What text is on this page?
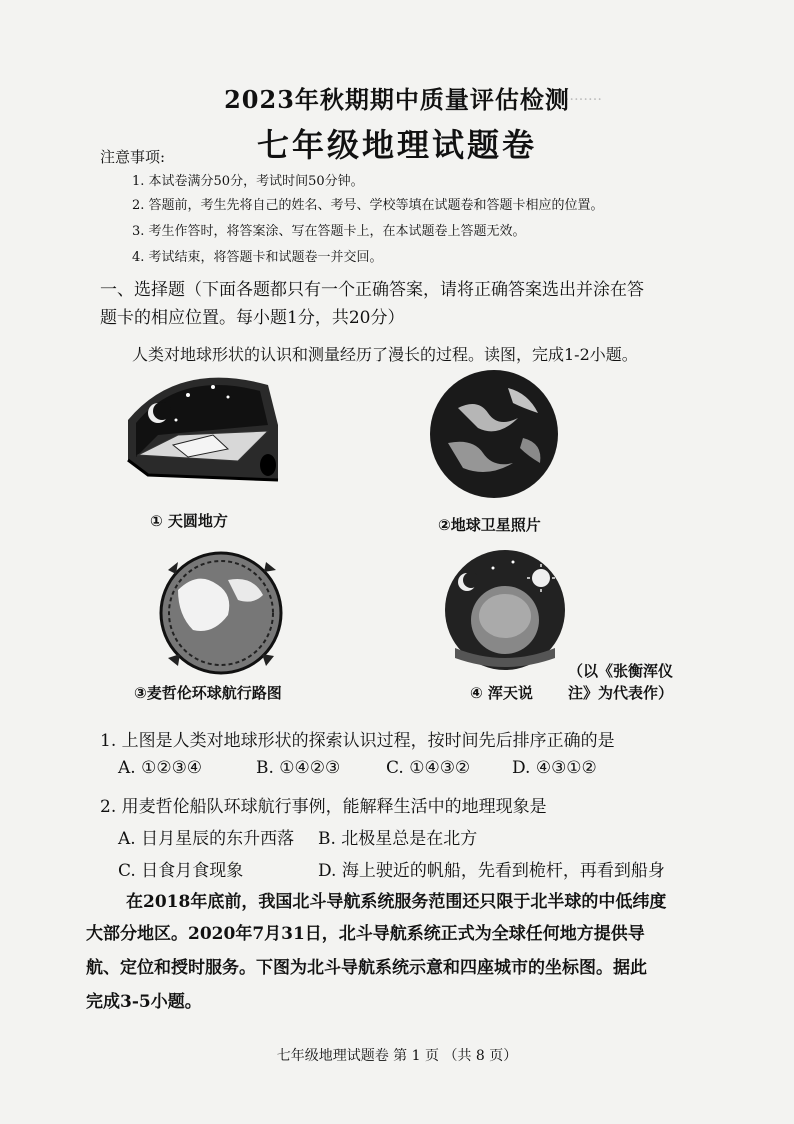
………
2023年秋期期中质量评估检测
七年级地理试题卷
注意事项:
1. 本试卷满分50分，考试时间50分钟。
2. 答题前，考生先将自己的姓名、考号、学校等填在试题卷和答题卡相应的位置。
3. 考生作答时，将答案涂、写在答题卡上，在本试题卷上答题无效。
4. 考试结束，将答题卡和试题卷一并交回。
一、选择题（下面各题都只有一个正确答案，请将正确答案选出并涂在答题卡的相应位置。每小题1分，共20分）
人类对地球形状的认识和测量经历了漫长的过程。读图，完成1-2小题。
① 天圆地方	②地球卫星照片
③麦哲伦环球航行路图	④ 浑天说
（以《张衡浑仪
注》为代表作）
1. 上图是人类对地球形状的探索认识过程，按时间先后排序正确的是
A. ①②③④	B. ①④②③	C. ①④③② D. ④③①②
2. 用麦哲伦船队环球航行事例，能解释生活中的地理现象是
A. 日月星辰的东升西落 B. 北极星总是在北方
C. 日食月食现象	D. 海上驶近的帆船，先看到桅杆，再看到船身
在2018年底前，我国北斗导航系统服务范围还只限于北半球的中低纬度
大部分地区。2020年7月31日，北斗导航系统正式为全球任何地方提供导
航、定位和授时服务。下图为北斗导航系统示意和四座城市的坐标图。据此
完成3-5小题。
七年级地理试题卷 第 1 页 （共 8 页）
